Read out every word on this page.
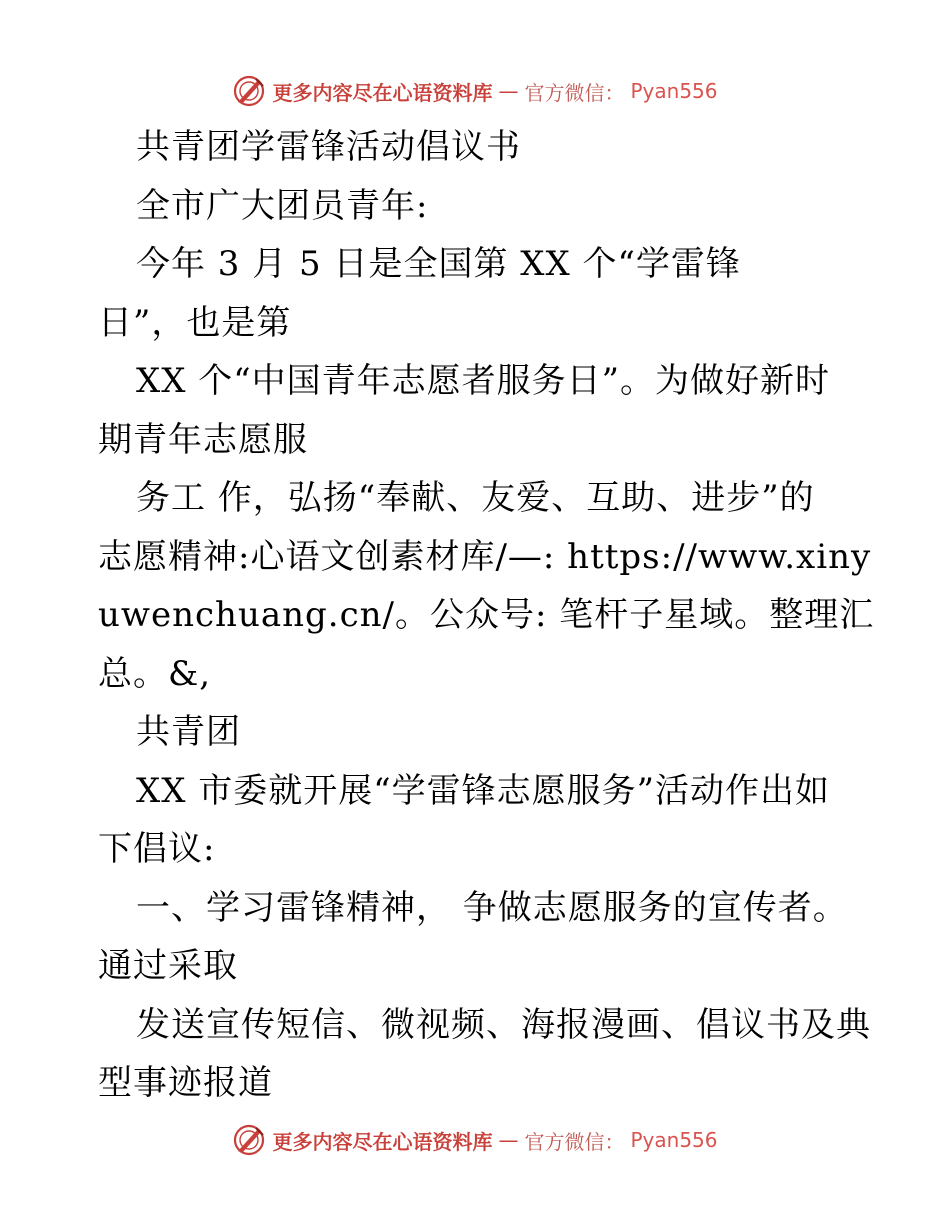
更多内容尽在心语资料库 — 官方微信： Pyan556
共青团学雷锋活动倡议书
全市广大团员青年:
今年 3 月 5 日是全国第 XX 个“学雷锋
日”，也是第
XX 个“中国青年志愿者服务日”。为做好新时
期青年志愿服
务工 作，弘扬“奉献、友爱、互助、进步”的
志愿精神:心语文创素材库/—: https://www.xiny
uwenchuang.cn/。公众号: 笔杆子星域。整理汇
总。&,
共青团
XX 市委就开展“学雷锋志愿服务”活动作出如
下倡议:
一、学习雷锋精神， 争做志愿服务的宣传者。
通过采取
发送宣传短信、微视频、海报漫画、倡议书及典
型事迹报道
更多内容尽在心语资料库 — 官方微信： Pyan556
